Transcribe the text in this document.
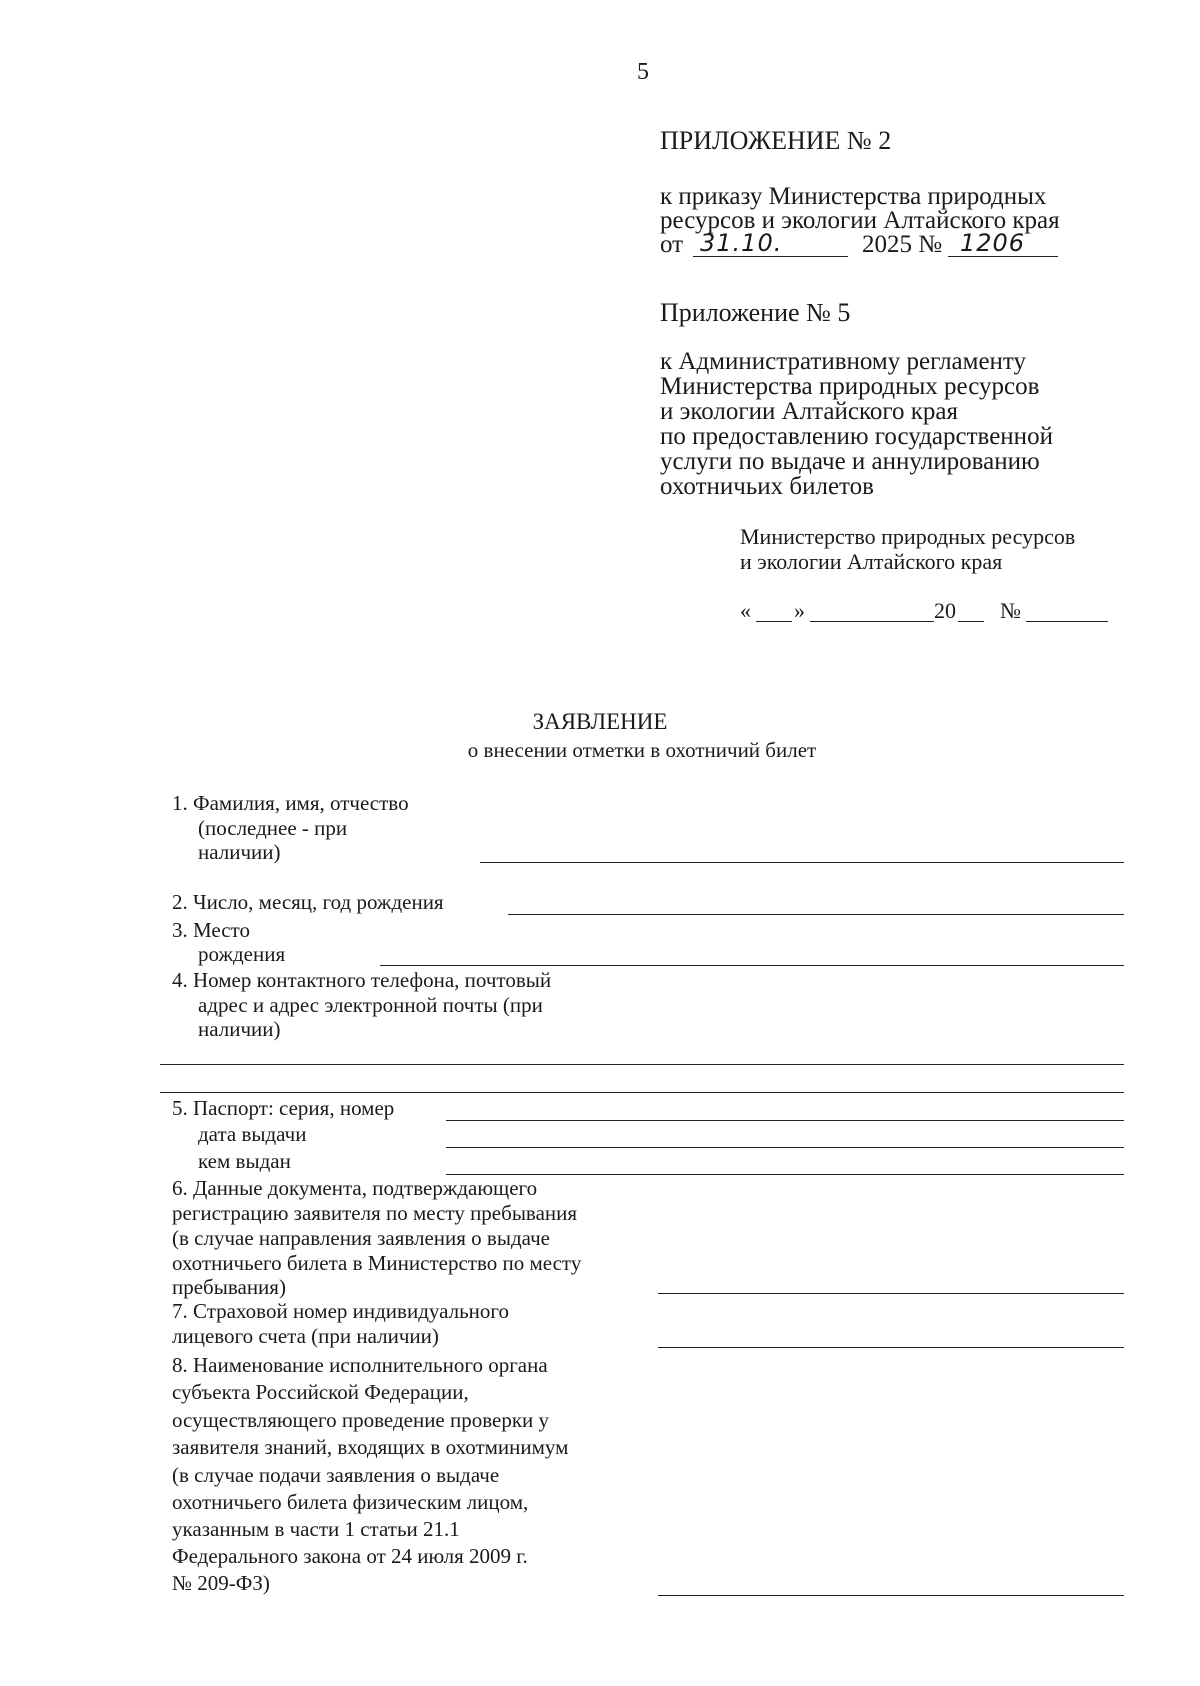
5
ПРИЛОЖЕНИЕ № 2
к приказу Министерства природных
ресурсов и экологии Алтайского края
от 31.10.	2025 № 1206
Приложение № 5
к Административному регламенту
Министерства природных ресурсов
и экологии Алтайского края
по предоставлению государственной
услуги по выдаче и аннулированию
охотничьих билетов
Министерство природных ресурсов
и экологии Алтайского края
« »	20 №
ЗАЯВЛЕНИЕ
о внесении отметки в охотничий билет
1. Фамилия, имя, отчество
(последнее - при
наличии)
2. Число, месяц, год рождения
3. Место
рождения
4. Номер контактного телефона, почтовый
адрес и адрес электронной почты (при
наличии)
5. Паспорт: серия, номер
дата выдачи
кем выдан
6. Данные документа, подтверждающего
регистрацию заявителя по месту пребывания
(в случае направления заявления о выдаче
охотничьего билета в Министерство по месту
пребывания)
7. Страховой номер индивидуального
лицевого счета (при наличии)
8. Наименование исполнительного органа
субъекта Российской Федерации,
осуществляющего проведение проверки у
заявителя знаний, входящих в охотминимум
(в случае подачи заявления о выдаче
охотничьего билета физическим лицом,
указанным в части 1 статьи 21.1
Федерального закона от 24 июля 2009 г.
№ 209-ФЗ)
